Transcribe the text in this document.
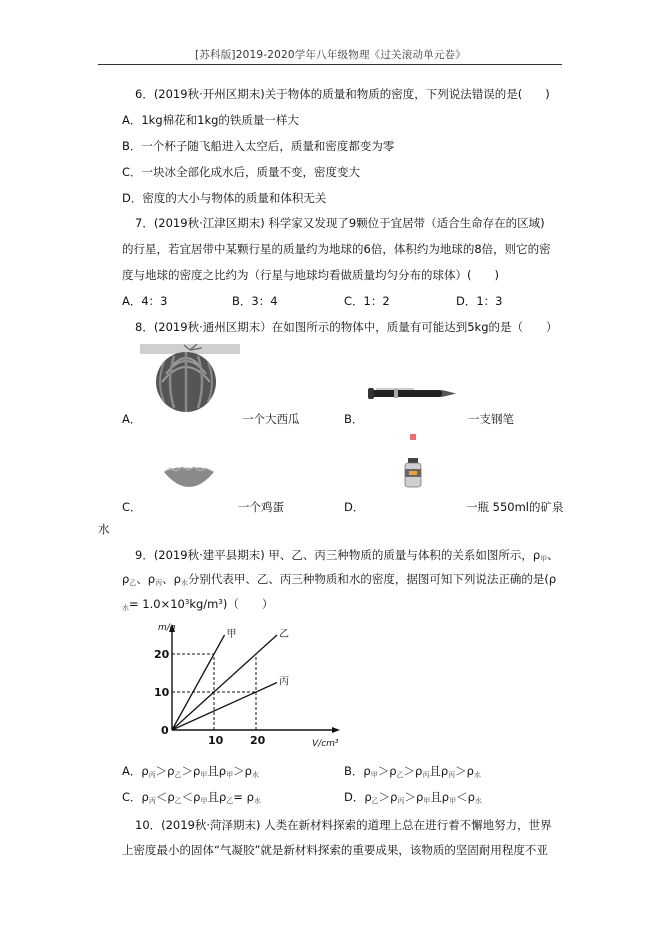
[苏科版]2019-2020学年八年级物理《过关滚动单元卷》
6．(2019秋·开州区期末)关于物体的质量和物质的密度，下列说法错误的是(　　)
A．1kg棉花和1kg的铁质量一样大
B．一个杯子随飞船进入太空后，质量和密度都变为零
C．一块冰全部化成水后，质量不变，密度变大
D．密度的大小与物体的质量和体积无关
7．(2019秋·江津区期末) 科学家又发现了9颗位于宜居带（适合生命存在的区域)
的行星，若宜居带中某颗行星的质量约为地球的6倍，体积约为地球的8倍，则它的密
度与地球的密度之比约为（行星与地球均看做质量均匀分布的球体）(　　)
A．4：3	B．3：4	C．1：2	D．1：3
8．(2019秋·通州区期末）在如图所示的物体中，质量有可能达到5kg的是（　　）
A．	一个大西瓜	B．	一支钢笔
C．	一个鸡蛋	D．	一瓶 550ml的矿泉
水
9．(2019秋·建平县期末) 甲、乙、丙三种物质的质量与体积的关系如图所示，ρ甲、
ρ乙、ρ丙、ρ水分别代表甲、乙、丙三种物质和水的密度，据图可知下列说法正确的是(ρ
水= $1.0\times 10^3kg/m^3$)（　　）
甲	乙
丙
10 20
10
20
0
m/g
V/cm³
A．ρ丙＞ρ乙＞ρ甲且ρ甲＞ρ水	B．ρ甲＞ρ乙＞ρ丙且ρ丙＞ρ水
C．ρ丙＜ρ乙＜ρ甲且ρ乙= ρ水	D．ρ乙＞ρ丙＞ρ甲且ρ甲＜ρ水
10．(2019秋·菏泽期末) 人类在新材料探索的道理上总在进行着不懈地努力，世界
上密度最小的固体“气凝胶”就是新材料探索的重要成果，该物质的坚固耐用程度不亚
